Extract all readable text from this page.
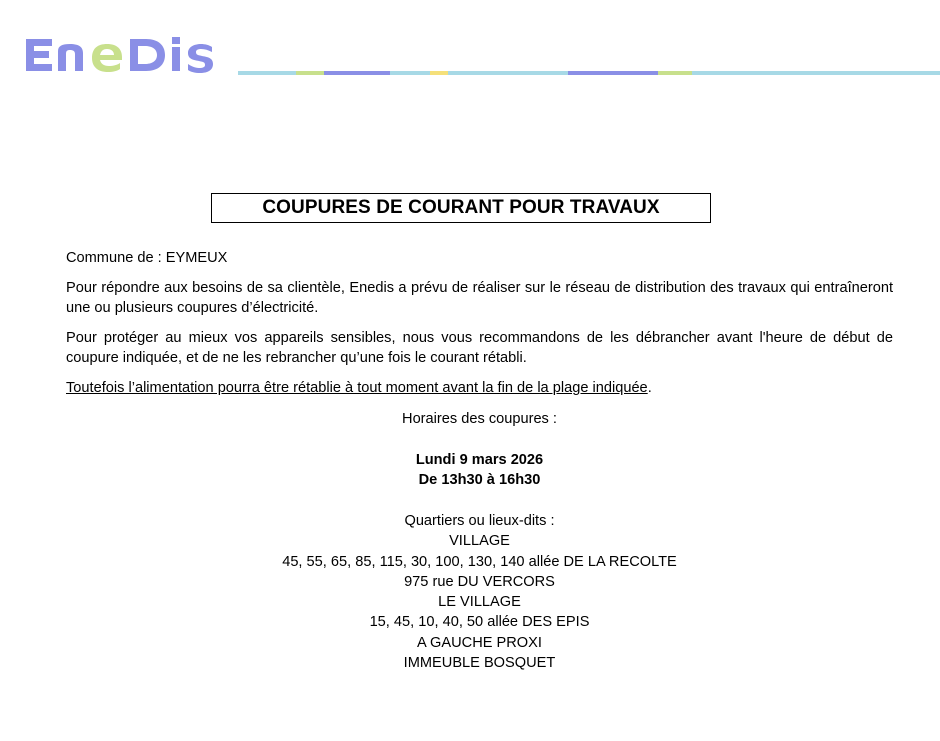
COUPURES DE COURANT POUR TRAVAUX

Commune de : EYMEUX

Pour répondre aux besoins de sa clientèle, Enedis a prévu de réaliser sur le réseau de distribution des travaux qui entraîneront une ou plusieurs coupures d’électricité.

Pour protéger au mieux vos appareils sensibles, nous vous recommandons de les débrancher avant l'heure de début de coupure indiquée, et de ne les rebrancher qu’une fois le courant rétabli.

Toutefois l’alimentation pourra être rétablie à tout moment avant la fin de la plage indiquée.

Horaires des coupures :
Lundi 9 mars 2026
De 13h30 à 16h30
Quartiers ou lieux-dits :
VILLAGE
45, 55, 65, 85, 115, 30, 100, 130, 140 allée DE LA RECOLTE
975 rue DU VERCORS
LE VILLAGE
15, 45, 10, 40, 50 allée DES EPIS
A GAUCHE PROXI
IMMEUBLE BOSQUET
